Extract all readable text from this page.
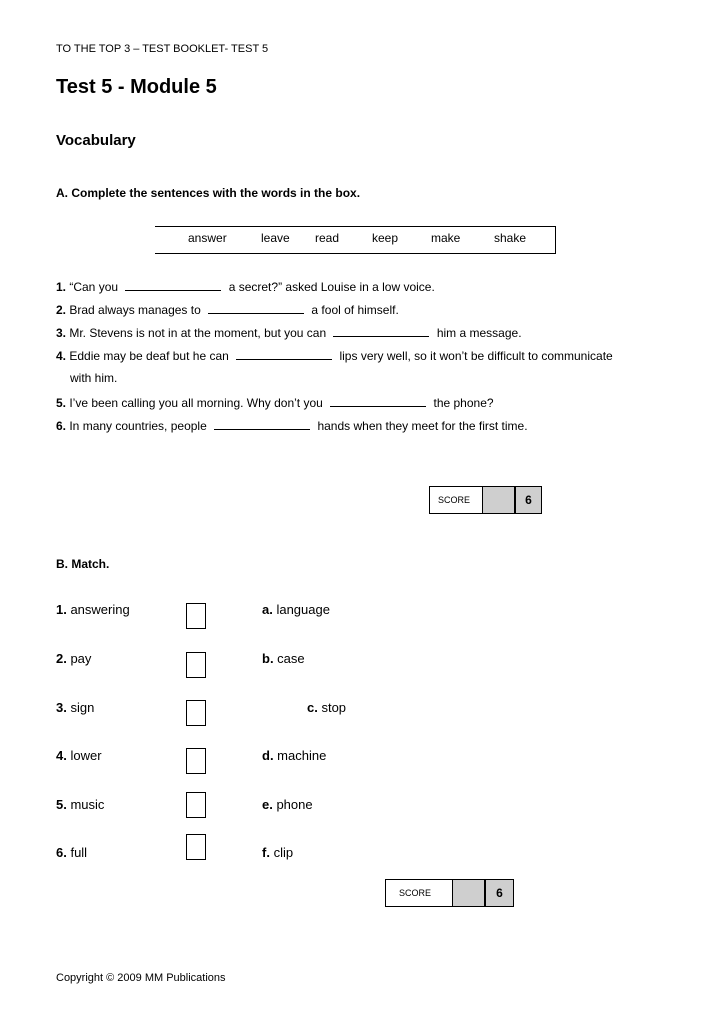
TO THE TOP 3 – TEST BOOKLET- TEST 5
Test 5 - Module 5
Vocabulary
A. Complete the sentences with the words in the box.
answer	leave read	keep	make	shake
1. “Can you	a secret?” asked Louise in a low voice.
2. Brad always manages to	a fool of himself.
3. Mr. Stevens is not in at the moment, but you can	him a message.
4. Eddie may be deaf but he can	lips very well, so it won’t be difficult to communicate
with him.
5. I’ve been calling you all morning. Why don’t you	the phone?
6. In many countries, people	hands when they meet for the first time.
SCORE	6
B. Match.
1. answering	a. language
2. pay	b. case
3. sign	c. stop
4. lower	d. machine
5. music	e. phone
6. full	f. clip
SCORE	6
Copyright © 2009 MM Publications
